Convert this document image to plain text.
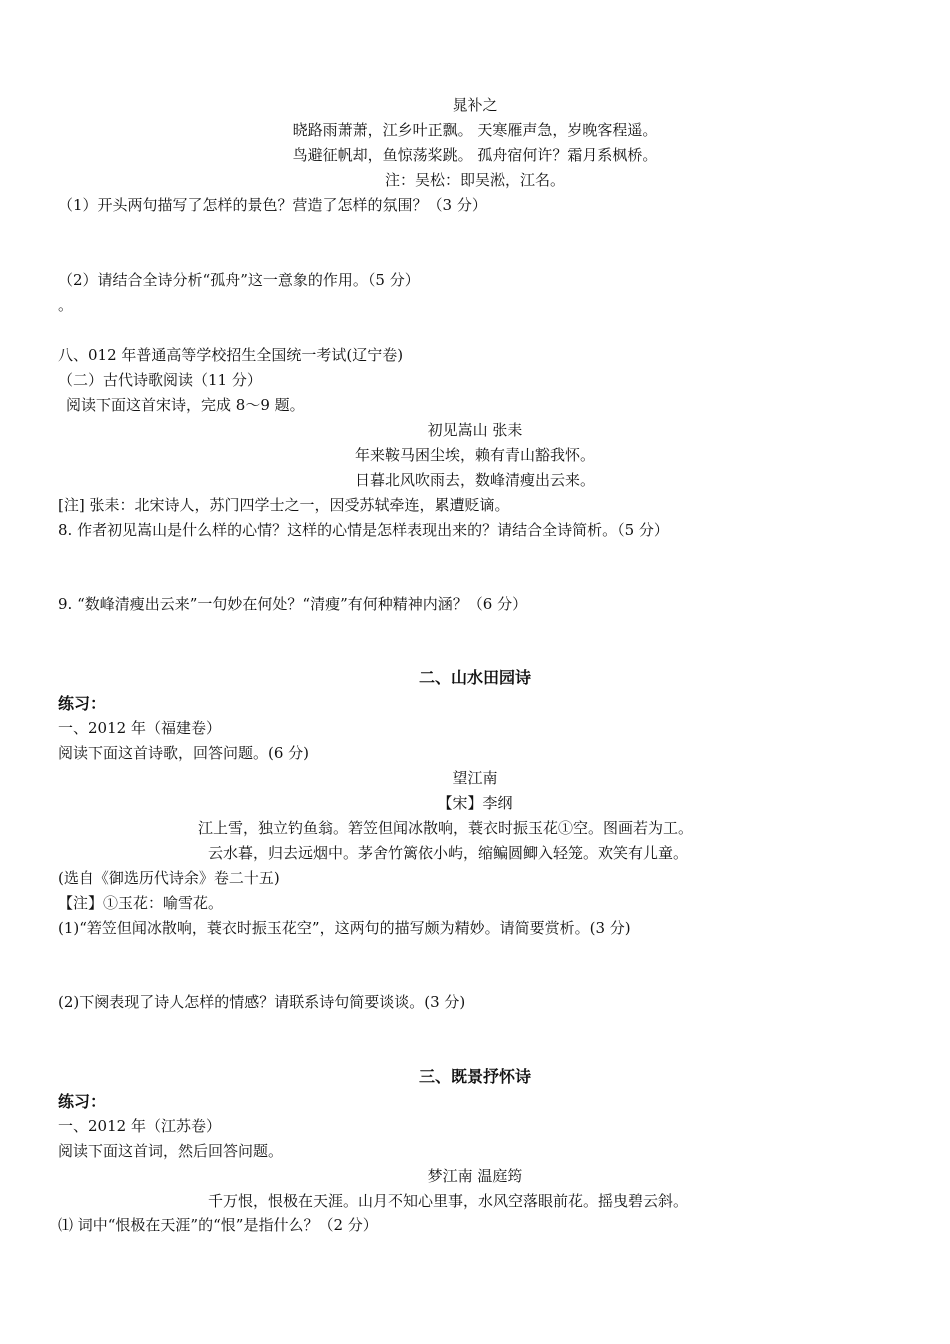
晁补之
晓路雨萧萧，江乡叶正飘。 天寒雁声急，岁晚客程遥。
鸟避征帆却，鱼惊荡桨跳。 孤舟宿何许？霜月系枫桥。
注：吴松：即吴淞，江名。
（1）开头两句描写了怎样的景色？营造了怎样的氛围？（3 分）
（2）请结合全诗分析“孤舟”这一意象的作用。（5 分）
。
八、012 年普通高等学校招生全国统一考试(辽宁卷)
（二）古代诗歌阅读（11 分）
阅读下面这首宋诗，完成 8～9 题。
初见嵩山 张耒
年来鞍马困尘埃，赖有青山豁我怀。
日暮北风吹雨去，数峰清瘦出云来。
[注] 张耒：北宋诗人，苏门四学士之一，因受苏轼牵连，累遭贬谪。
8. 作者初见嵩山是什么样的心情？这样的心情是怎样表现出来的？请结合全诗简析。（5 分）
9. “数峰清瘦出云来”一句妙在何处？“清瘦”有何种精神内涵？（6 分）
二、山水田园诗
练习：
一、2012 年（福建卷）
阅读下面这首诗歌，回答问题。(6 分)
望江南
【宋】李纲
江上雪，独立钓鱼翁。箬笠但闻冰散响，蓑衣时振玉花①空。图画若为工。
云水暮，归去远烟中。茅舍竹篱依小屿，缩鳊圆鲫入轻笼。欢笑有儿童。
(选自《御选历代诗余》卷二十五)
【注】①玉花：喻雪花。
(1)“箬笠但闻冰散响，蓑衣时振玉花空”，这两句的描写颇为精妙。请简要赏析。(3 分)
(2)下阕表现了诗人怎样的情感？请联系诗句简要谈谈。(3 分)
三、既景抒怀诗
练习：
一、2012 年（江苏卷）
阅读下面这首词，然后回答问题。
梦江南 温庭筠
千万恨，恨极在天涯。山月不知心里事，水风空落眼前花。摇曳碧云斜。
⑴ 词中“恨极在天涯”的“恨”是指什么？（2 分）
